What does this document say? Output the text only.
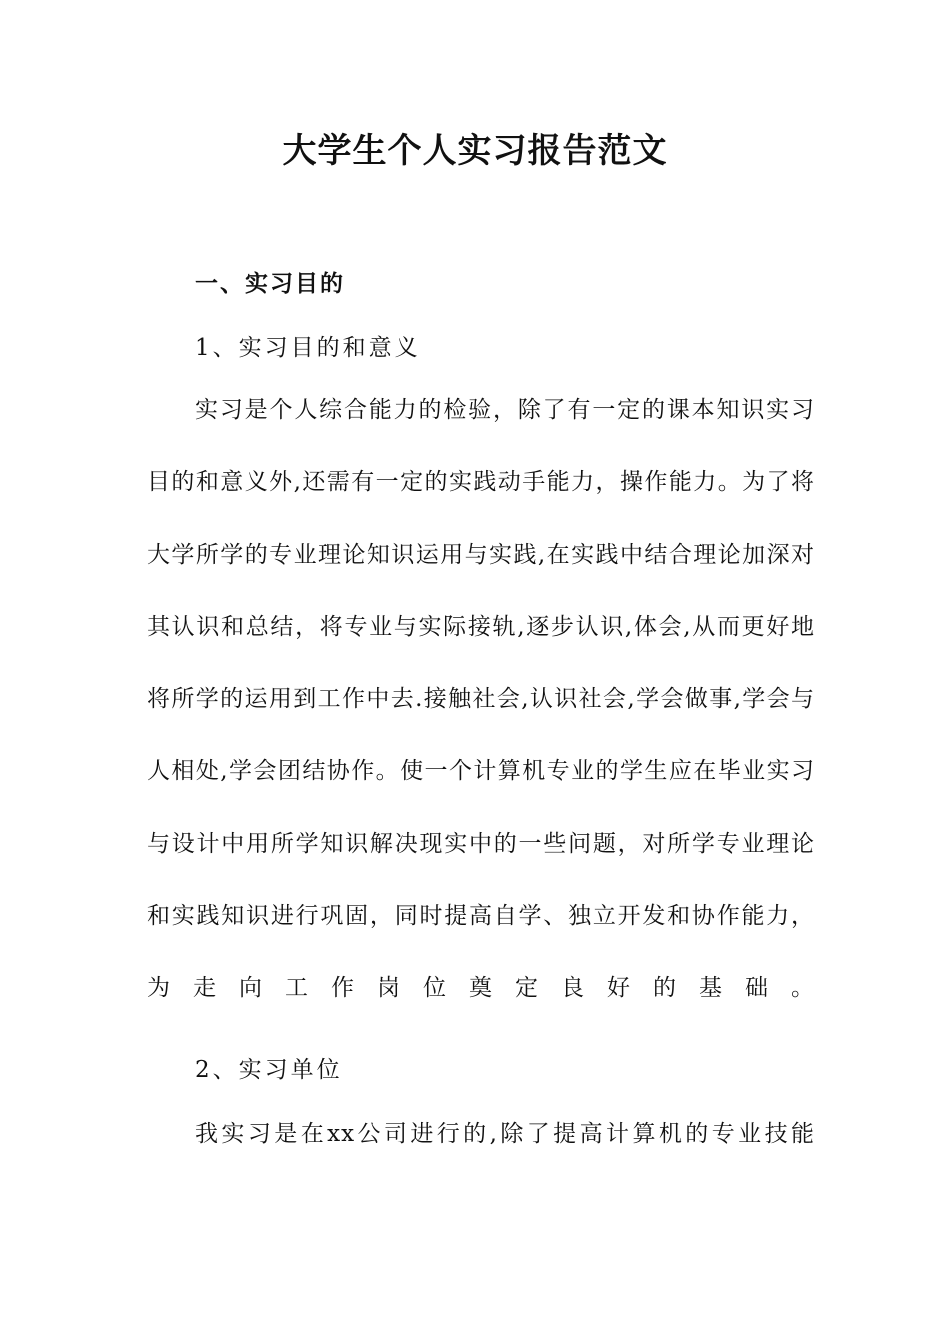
大学生个人实习报告范文
一、实习目的
1、实习目的和意义

实习是个人综合能力的检验，除了有一定的课本知识实习目的和意义外,还需有一定的实践动手能力，操作能力。为了将大学所学的专业理论知识运用与实践,在实践中结合理论加深对其认识和总结，将专业与实际接轨,逐步认识,体会,从而更好地将所学的运用到工作中去.接触社会,认识社会,学会做事,学会与人相处,学会团结协作。使一个计算机专业的学生应在毕业实习与设计中用所学知识解决现实中的一些问题，对所学专业理论和实践知识进行巩固，同时提高自学、独立开发和协作能力，为走向工作岗位奠定良好的基础。

2、实习单位

我实习是在xx公司进行的,除了提高计算机的专业技能
